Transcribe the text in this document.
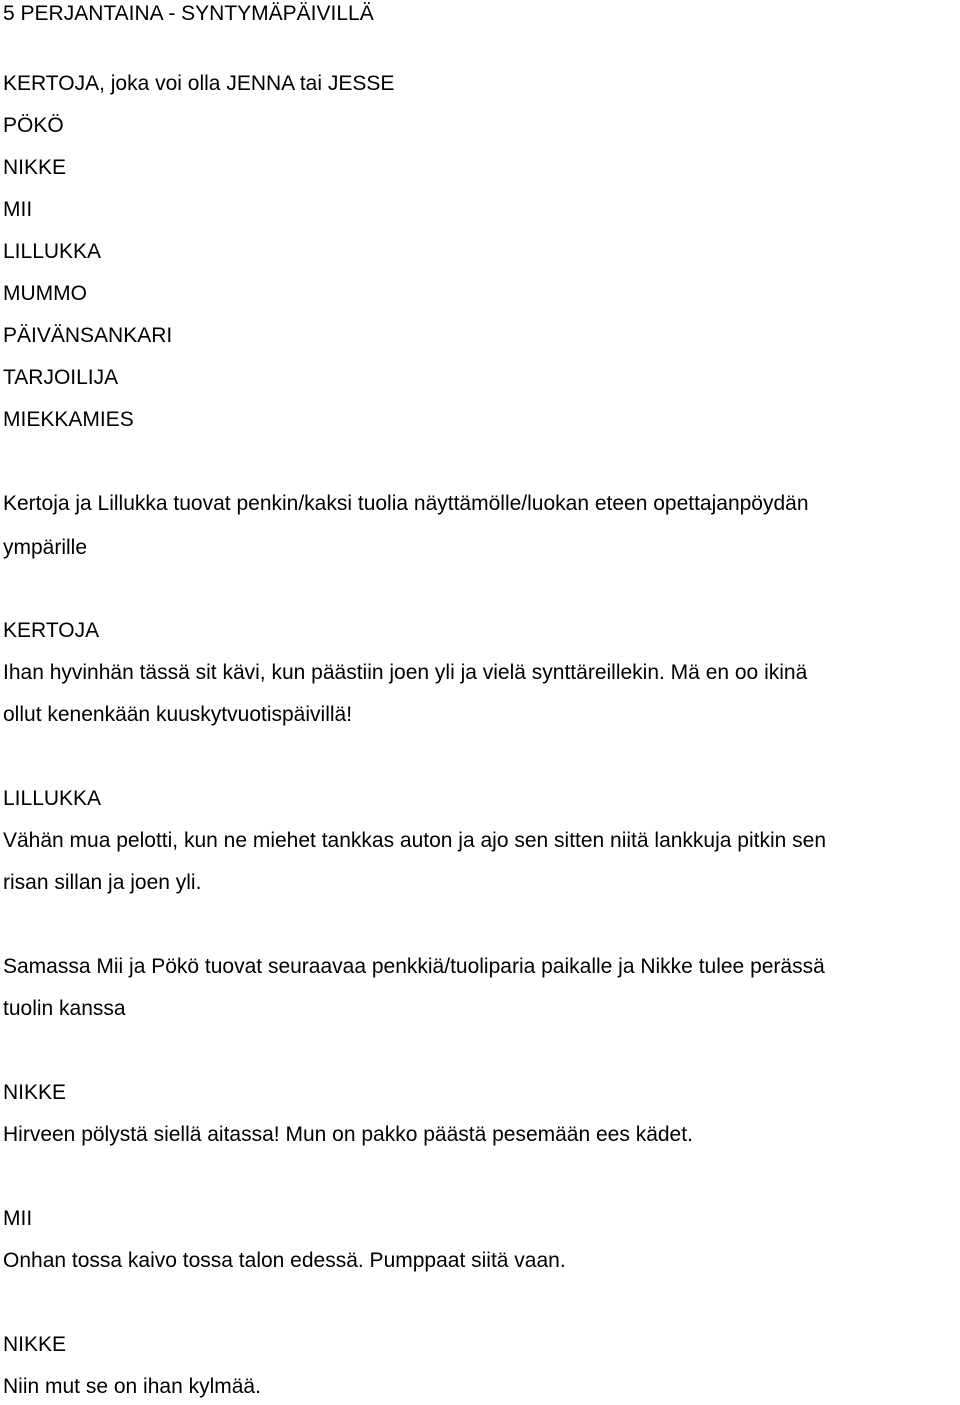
5 PERJANTAINA - SYNTYMÄPÄIVILLÄ
KERTOJA, joka voi olla JENNA tai JESSE
PÖKÖ
NIKKE
MII
LILLUKKA
MUMMO
PÄIVÄNSANKARI
TARJOILIJA
MIEKKAMIES
Kertoja ja Lillukka tuovat penkin/kaksi tuolia näyttämölle/luokan eteen opettajanpöydän
ympärille
KERTOJA
Ihan hyvinhän tässä sit kävi, kun päästiin joen yli ja vielä synttäreillekin. Mä en oo ikinä
ollut kenenkään kuuskytvuotispäivillä!
LILLUKKA
Vähän mua pelotti, kun ne miehet tankkas auton ja ajo sen sitten niitä lankkuja pitkin sen
risan sillan ja joen yli.
Samassa Mii ja Pökö tuovat seuraavaa penkkiä/tuoliparia paikalle ja Nikke tulee perässä
tuolin kanssa
NIKKE
Hirveen pölystä siellä aitassa! Mun on pakko päästä pesemään ees kädet.
MII
Onhan tossa kaivo tossa talon edessä. Pumppaat siitä vaan.
NIKKE
Niin mut se on ihan kylmää.
